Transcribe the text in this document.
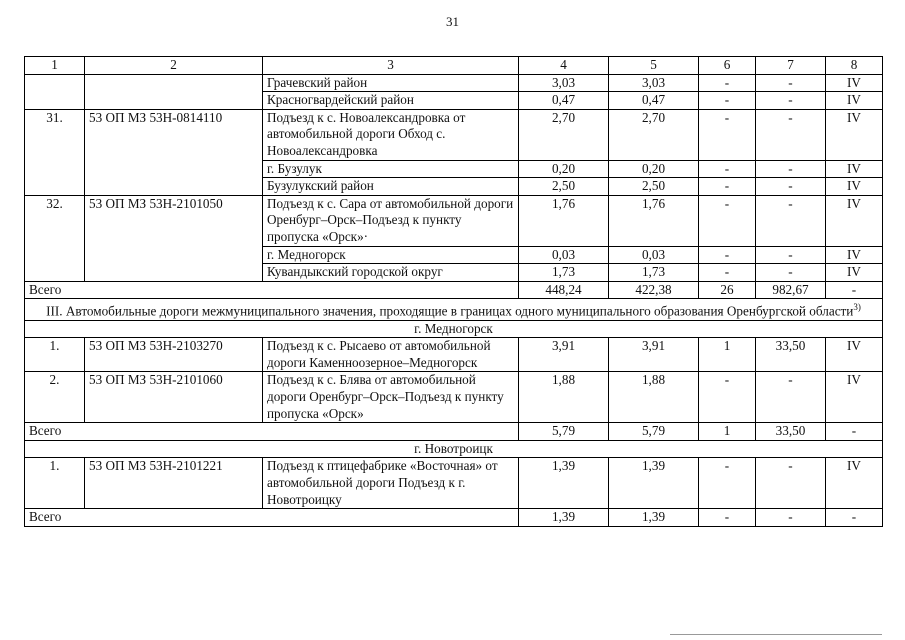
31
1	2	3	4	5	6	7	8
		Грачевский район	3,03	3,03	-	-	IV
		Красногвардейский район	0,47	0,47	-	-	IV
31.	53 ОП МЗ 53Н-0814110	Подъезд к с. Новоалександровка от автомобильной дороги Обход с. Новоалександровка	2,70	2,70	-	-	IV
		г. Бузулук	0,20	0,20	-	-	IV
		Бузулукский район	2,50	2,50	-	-	IV
32.	53 ОП МЗ 53Н-2101050	Подъезд к с. Сара от автомобильной дороги Оренбург–Орск–Подъезд к пункту пропуска «Орск»·	1,76	1,76	-	-	IV
		г. Медногорск	0,03	0,03	-	-	IV
		Кувандыкский городской округ	1,73	1,73	-	-	IV
Всего			448,24	422,38	26	982,67	-
III. Автомобильные дороги межмуниципального значения, проходящие в границах одного муниципального образования Оренбургской области$^{3)}$
г. Медногорск							
1.	53 ОП МЗ 53Н-2103270	Подъезд к с. Рысаево от автомобильной дороги Каменноозерное–Медногорск	3,91	3,91	1	33,50	IV
2.	53 ОП МЗ 53Н-2101060	Подъезд к с. Блява от автомобильной дороги Оренбург–Орск–Подъезд к пункту пропуска «Орск»	1,88	1,88	-	-	IV
Всего			5,79	5,79	1	33,50	-
г. Новотроицк							
1.	53 ОП МЗ 53Н-2101221	Подъезд к птицефабрике «Восточная» от автомобильной дороги Подъезд к г. Новотроицку	1,39	1,39	-	-	IV
Всего			1,39	1,39	-	-	-
